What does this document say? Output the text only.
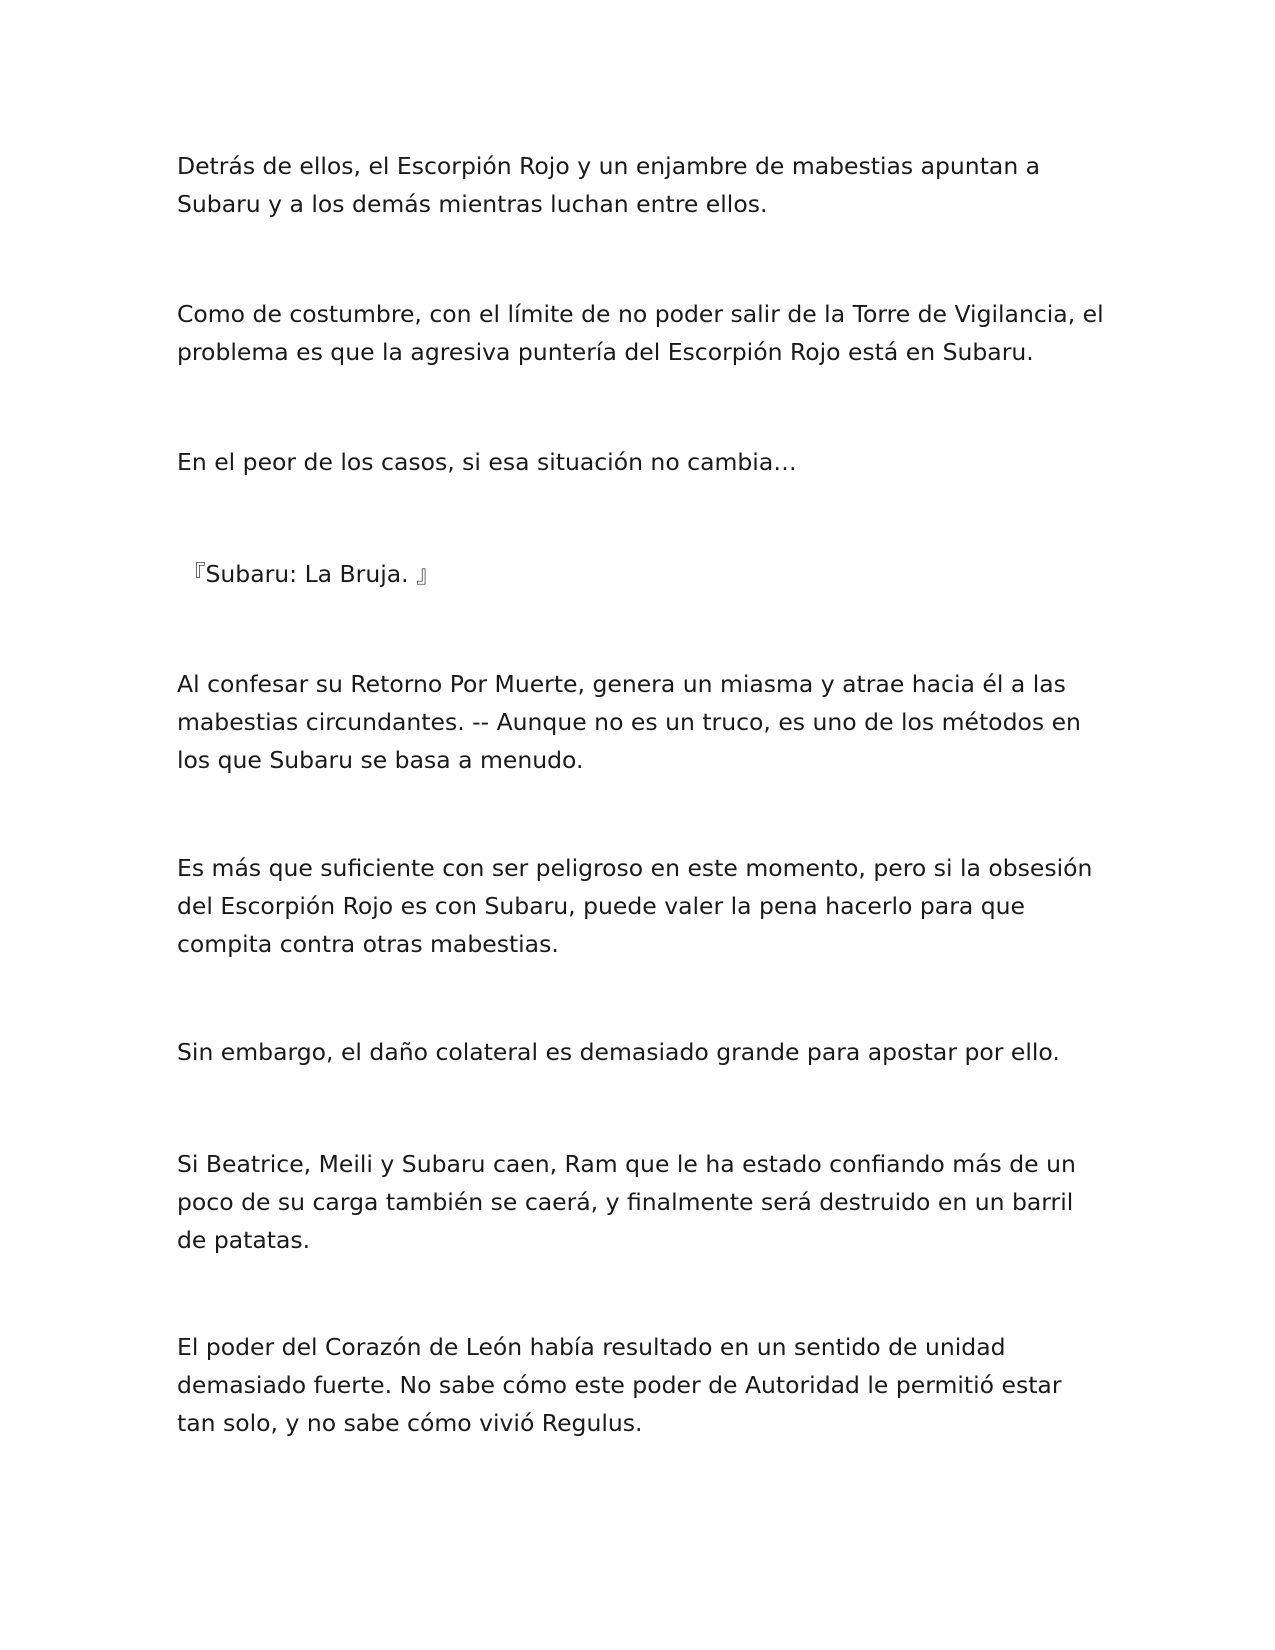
Detrás de ellos, el Escorpión Rojo y un enjambre de mabestias apuntan a Subaru y a los demás mientras luchan entre ellos.

Como de costumbre, con el límite de no poder salir de la Torre de Vigilancia, el problema es que la agresiva puntería del Escorpión Rojo está en Subaru.

En el peor de los casos, si esa situación no cambia…

『Subaru: La Bruja. 』

Al confesar su Retorno Por Muerte, genera un miasma y atrae hacia él a las mabestias circundantes. -- Aunque no es un truco, es uno de los métodos en los que Subaru se basa a menudo.

Es más que suficiente con ser peligroso en este momento, pero si la obsesión del Escorpión Rojo es con Subaru, puede valer la pena hacerlo para que compita contra otras mabestias.

Sin embargo, el daño colateral es demasiado grande para apostar por ello.

Si Beatrice, Meili y Subaru caen, Ram que le ha estado confiando más de un poco de su carga también se caerá, y finalmente será destruido en un barril de patatas.

El poder del Corazón de León había resultado en un sentido de unidad demasiado fuerte. No sabe cómo este poder de Autoridad le permitió estar tan solo, y no sabe cómo vivió Regulus.
